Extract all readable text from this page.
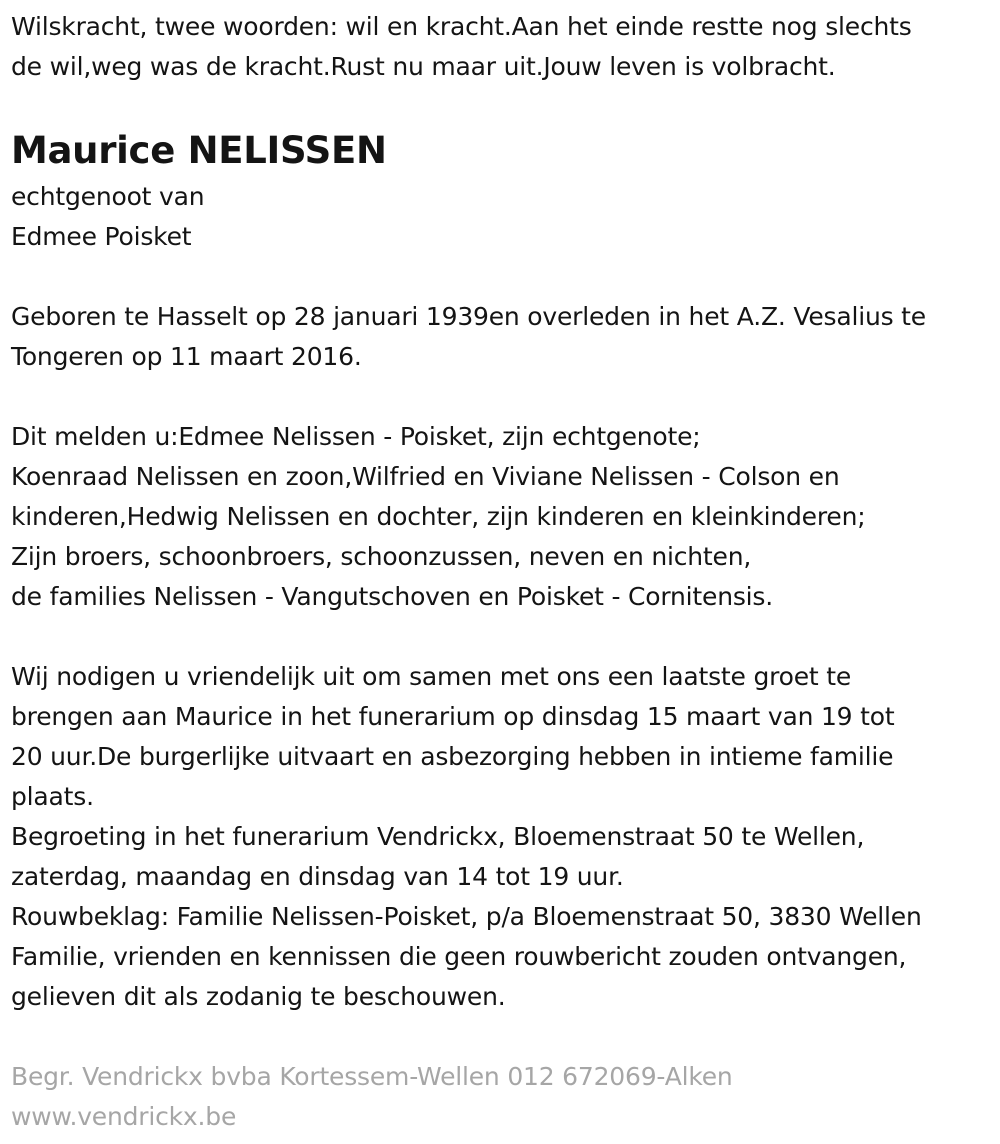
Wilskracht, twee woorden: wil en kracht.Aan het einde restte nog slechts
de wil,weg was de kracht.Rust nu maar uit.Jouw leven is volbracht.
Maurice NELISSEN
echtgenoot van
Edmee Poisket
Geboren te Hasselt op 28 januari 1939en overleden in het A.Z. Vesalius te
Tongeren op 11 maart 2016.
Dit melden u:Edmee Nelissen - Poisket, zijn echtgenote;
Koenraad Nelissen en zoon,Wilfried en Viviane Nelissen - Colson en
kinderen,Hedwig Nelissen en dochter, zijn kinderen en kleinkinderen;
Zijn broers, schoonbroers, schoonzussen, neven en nichten,
de families Nelissen - Vangutschoven en Poisket - Cornitensis.
Wij nodigen u vriendelijk uit om samen met ons een laatste groet te
brengen aan Maurice in het funerarium op dinsdag 15 maart van 19 tot
20 uur.De burgerlijke uitvaart en asbezorging hebben in intieme familie
plaats.
Begroeting in het funerarium Vendrickx, Bloemenstraat 50 te Wellen,
zaterdag, maandag en dinsdag van 14 tot 19 uur.
Rouwbeklag: Familie Nelissen-Poisket, p/a Bloemenstraat 50, 3830 Wellen
Familie, vrienden en kennissen die geen rouwbericht zouden ontvangen,
gelieven dit als zodanig te beschouwen.
Begr. Vendrickx bvba Kortessem-Wellen 012 672069-Alken
www.vendrickx.be
